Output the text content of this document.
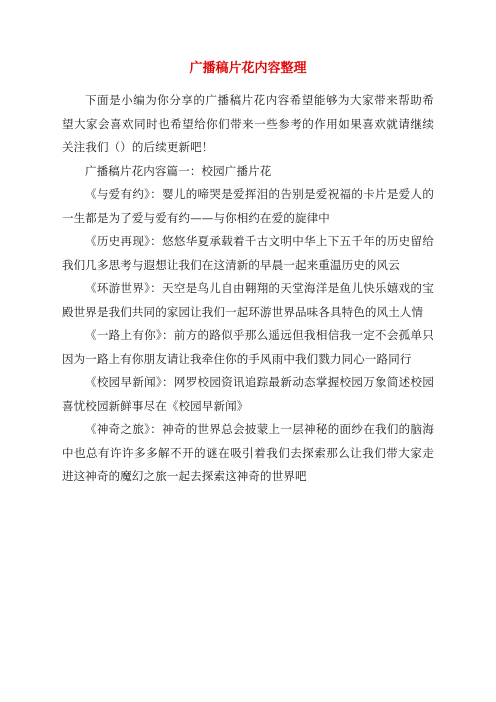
广播稿片花内容整理

下面是小编为你分享的广播稿片花内容希望能够为大家带来帮助希望大家会喜欢同时也希望给你们带来一些参考的作用如果喜欢就请继续关注我们（）的后续更新吧！

广播稿片花内容篇一：校园广播片花

《与爱有约》：婴儿的啼哭是爱挥泪的告别是爱祝福的卡片是爱人的一生都是为了爱与爱有约——与你相约在爱的旋律中

《历史再现》：悠悠华夏承载着千古文明中华上下五千年的历史留给我们几多思考与遐想让我们在这清新的早晨一起来重温历史的风云

《环游世界》：天空是鸟儿自由翱翔的天堂海洋是鱼儿快乐嬉戏的宝殿世界是我们共同的家园让我们一起环游世界品味各具特色的风土人情

《一路上有你》：前方的路似乎那么遥远但我相信我一定不会孤单只因为一路上有你朋友请让我牵住你的手风雨中我们戮力同心一路同行

《校园早新闻》：网罗校园资讯追踪最新动态掌握校园万象简述校园喜忧校园新鲜事尽在《校园早新闻》

《神奇之旅》：神奇的世界总会披蒙上一层神秘的面纱在我们的脑海中也总有许许多多解不开的谜在吸引着我们去探索那么让我们带大家走进这神奇的魔幻之旅一起去探索这神奇的世界吧
